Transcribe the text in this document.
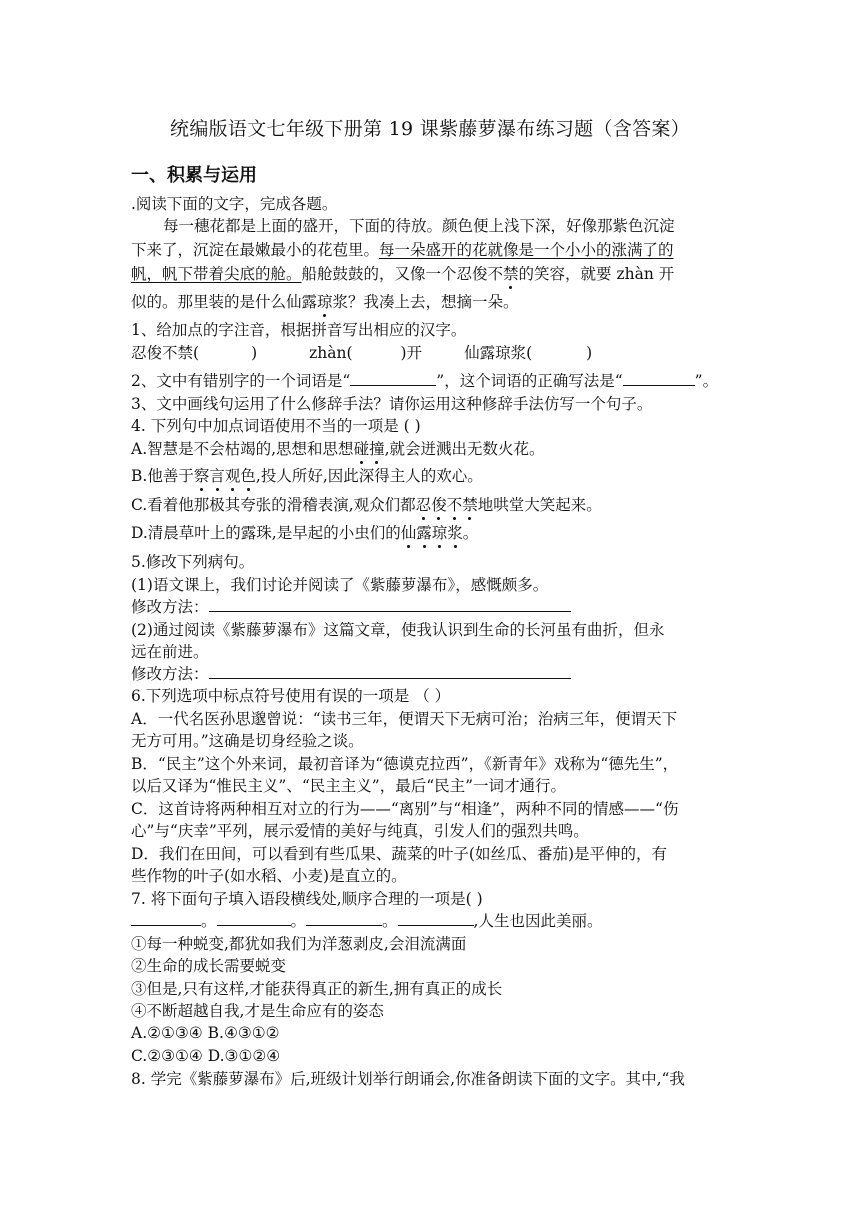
统编版语文七年级下册第 19 课紫藤萝瀑布练习题（含答案）
一、积累与运用
.阅读下面的文字，完成各题。
每一穗花都是上面的盛开，下面的待放。颜色便上浅下深，好像那紫色沉淀
下来了，沉淀在最嫩最小的花苞里。每一朵盛开的花就像是一个小小的涨满了的
帆，帆下带着尖底的舱。船舱鼓鼓的，又像一个忍俊不禁的笑容，就要 zhàn 开
似的。那里装的是什么仙露琼浆？我凑上去，想摘一朵。
1、给加点的字注音，根据拼音写出相应的汉字。
忍俊不禁(	)	zhàn(	)开	仙露琼浆(	)
2、文中有错别字的一个词语是“	”，这个词语的正确写法是“	”。
3、文中画线句运用了什么修辞手法？请你运用这种修辞手法仿写一个句子。
4. 下列句中加点词语使用不当的一项是 ( )
A.智慧是不会枯竭的,思想和思想碰撞,就会迸溅出无数火花。
B.他善于察言观色,投人所好,因此深得主人的欢心。
C.看着他那极其夸张的滑稽表演,观众们都忍俊不禁地哄堂大笑起来。
D.清晨草叶上的露珠,是早起的小虫们的仙露琼浆。
5.修改下列病句。
(1)语文课上，我们讨论并阅读了《紫藤萝瀑布》，感慨颇多。
修改方法：
(2)通过阅读《紫藤萝瀑布》这篇文章，使我认识到生命的长河虽有曲折，但永
远在前进。
修改方法：
6.下列选项中标点符号使用有误的一项是 （ ）
A．一代名医孙思邈曾说：“读书三年，便谓天下无病可治；治病三年，便谓天下
无方可用。”这确是切身经验之谈。
B．“民主”这个外来词，最初音译为“德谟克拉西”，《新青年》戏称为“德先生”，
以后又译为“惟民主义”、“民主主义”，最后“民主”一词才通行。
C．这首诗将两种相互对立的行为——“离别”与“相逢”，两种不同的情感——“伤
心”与“庆幸”平列，展示爱情的美好与纯真，引发人们的强烈共鸣。
D．我们在田间，可以看到有些瓜果、蔬菜的叶子(如丝瓜、番茄)是平伸的，有
些作物的叶子(如水稻、小麦)是直立的。
7. 将下面句子填入语段横线处,顺序合理的一项是( )
。	。	。	,人生也因此美丽。
①每一种蜕变,都犹如我们为洋葱剥皮,会泪流满面
②生命的成长需要蜕变
③但是,只有这样,才能获得真正的新生,拥有真正的成长
④不断超越自我,才是生命应有的姿态
A.②①③④ B.④③①②
C.②③①④ D.③①②④
8. 学完《紫藤萝瀑布》后,班级计划举行朗诵会,你准备朗读下面的文字。其中,“我
